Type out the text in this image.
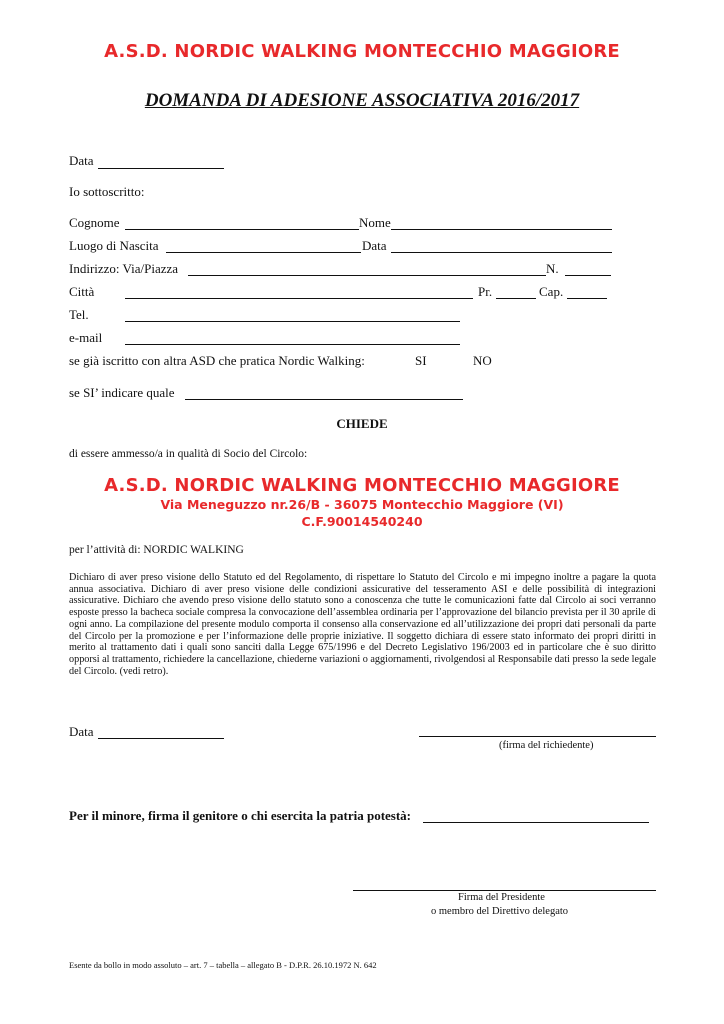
A.S.D. NORDIC WALKING MONTECCHIO MAGGIORE
DOMANDA DI ADESIONE ASSOCIATIVA 2016/2017
Data
Io sottoscritto:
Cognome	Nome
Luogo di Nascita	Data
Indirizzo: Via/Piazza	N.
Città	Pr.	Cap.
Tel.
e-mail
se già iscritto con altra ASD che pratica Nordic Walking:	SI	NO
se SI’ indicare quale
CHIEDE
di essere ammesso/a in qualità di Socio del Circolo:
A.S.D. NORDIC WALKING MONTECCHIO MAGGIORE
Via Meneguzzo nr.26/B - 36075 Montecchio Maggiore (VI)
C.F.90014540240
per l’attività di: NORDIC WALKING
Dichiaro di aver preso visione dello Statuto ed del Regolamento, di rispettare lo Statuto del Circolo e mi impegno inoltre a pagare la quota annua associativa. Dichiaro di aver preso visione delle condizioni assicurative del tesseramento ASI e delle possibilità di integrazioni assicurative. Dichiaro che avendo preso visione dello statuto sono a conoscenza che tutte le comunicazioni fatte dal Circolo ai soci verranno esposte presso la bacheca sociale compresa la convocazione dell’assemblea ordinaria per l’approvazione del bilancio prevista per il 30 aprile di ogni anno. La compilazione del presente modulo comporta il consenso alla conservazione ed all’utilizzazione dei propri dati personali da parte del Circolo per la promozione e per l’informazione delle proprie iniziative. Il soggetto dichiara di essere stato informato dei propri diritti in merito al trattamento dati i quali sono sanciti dalla Legge 675/1996 e del Decreto Legislativo 196/2003 ed in particolare che è suo diritto opporsi al trattamento, richiedere la cancellazione, chiederne variazioni o aggiornamenti, rivolgendosi al Responsabile dati presso la sede legale del Circolo. (vedi retro).
Data
(firma del richiedente)
Per il minore, firma il genitore o chi esercita la patria potestà:
Firma del Presidente
o membro del Direttivo delegato
Esente da bollo in modo assoluto – art. 7 – tabella – allegato B - D.P.R. 26.10.1972 N. 642
